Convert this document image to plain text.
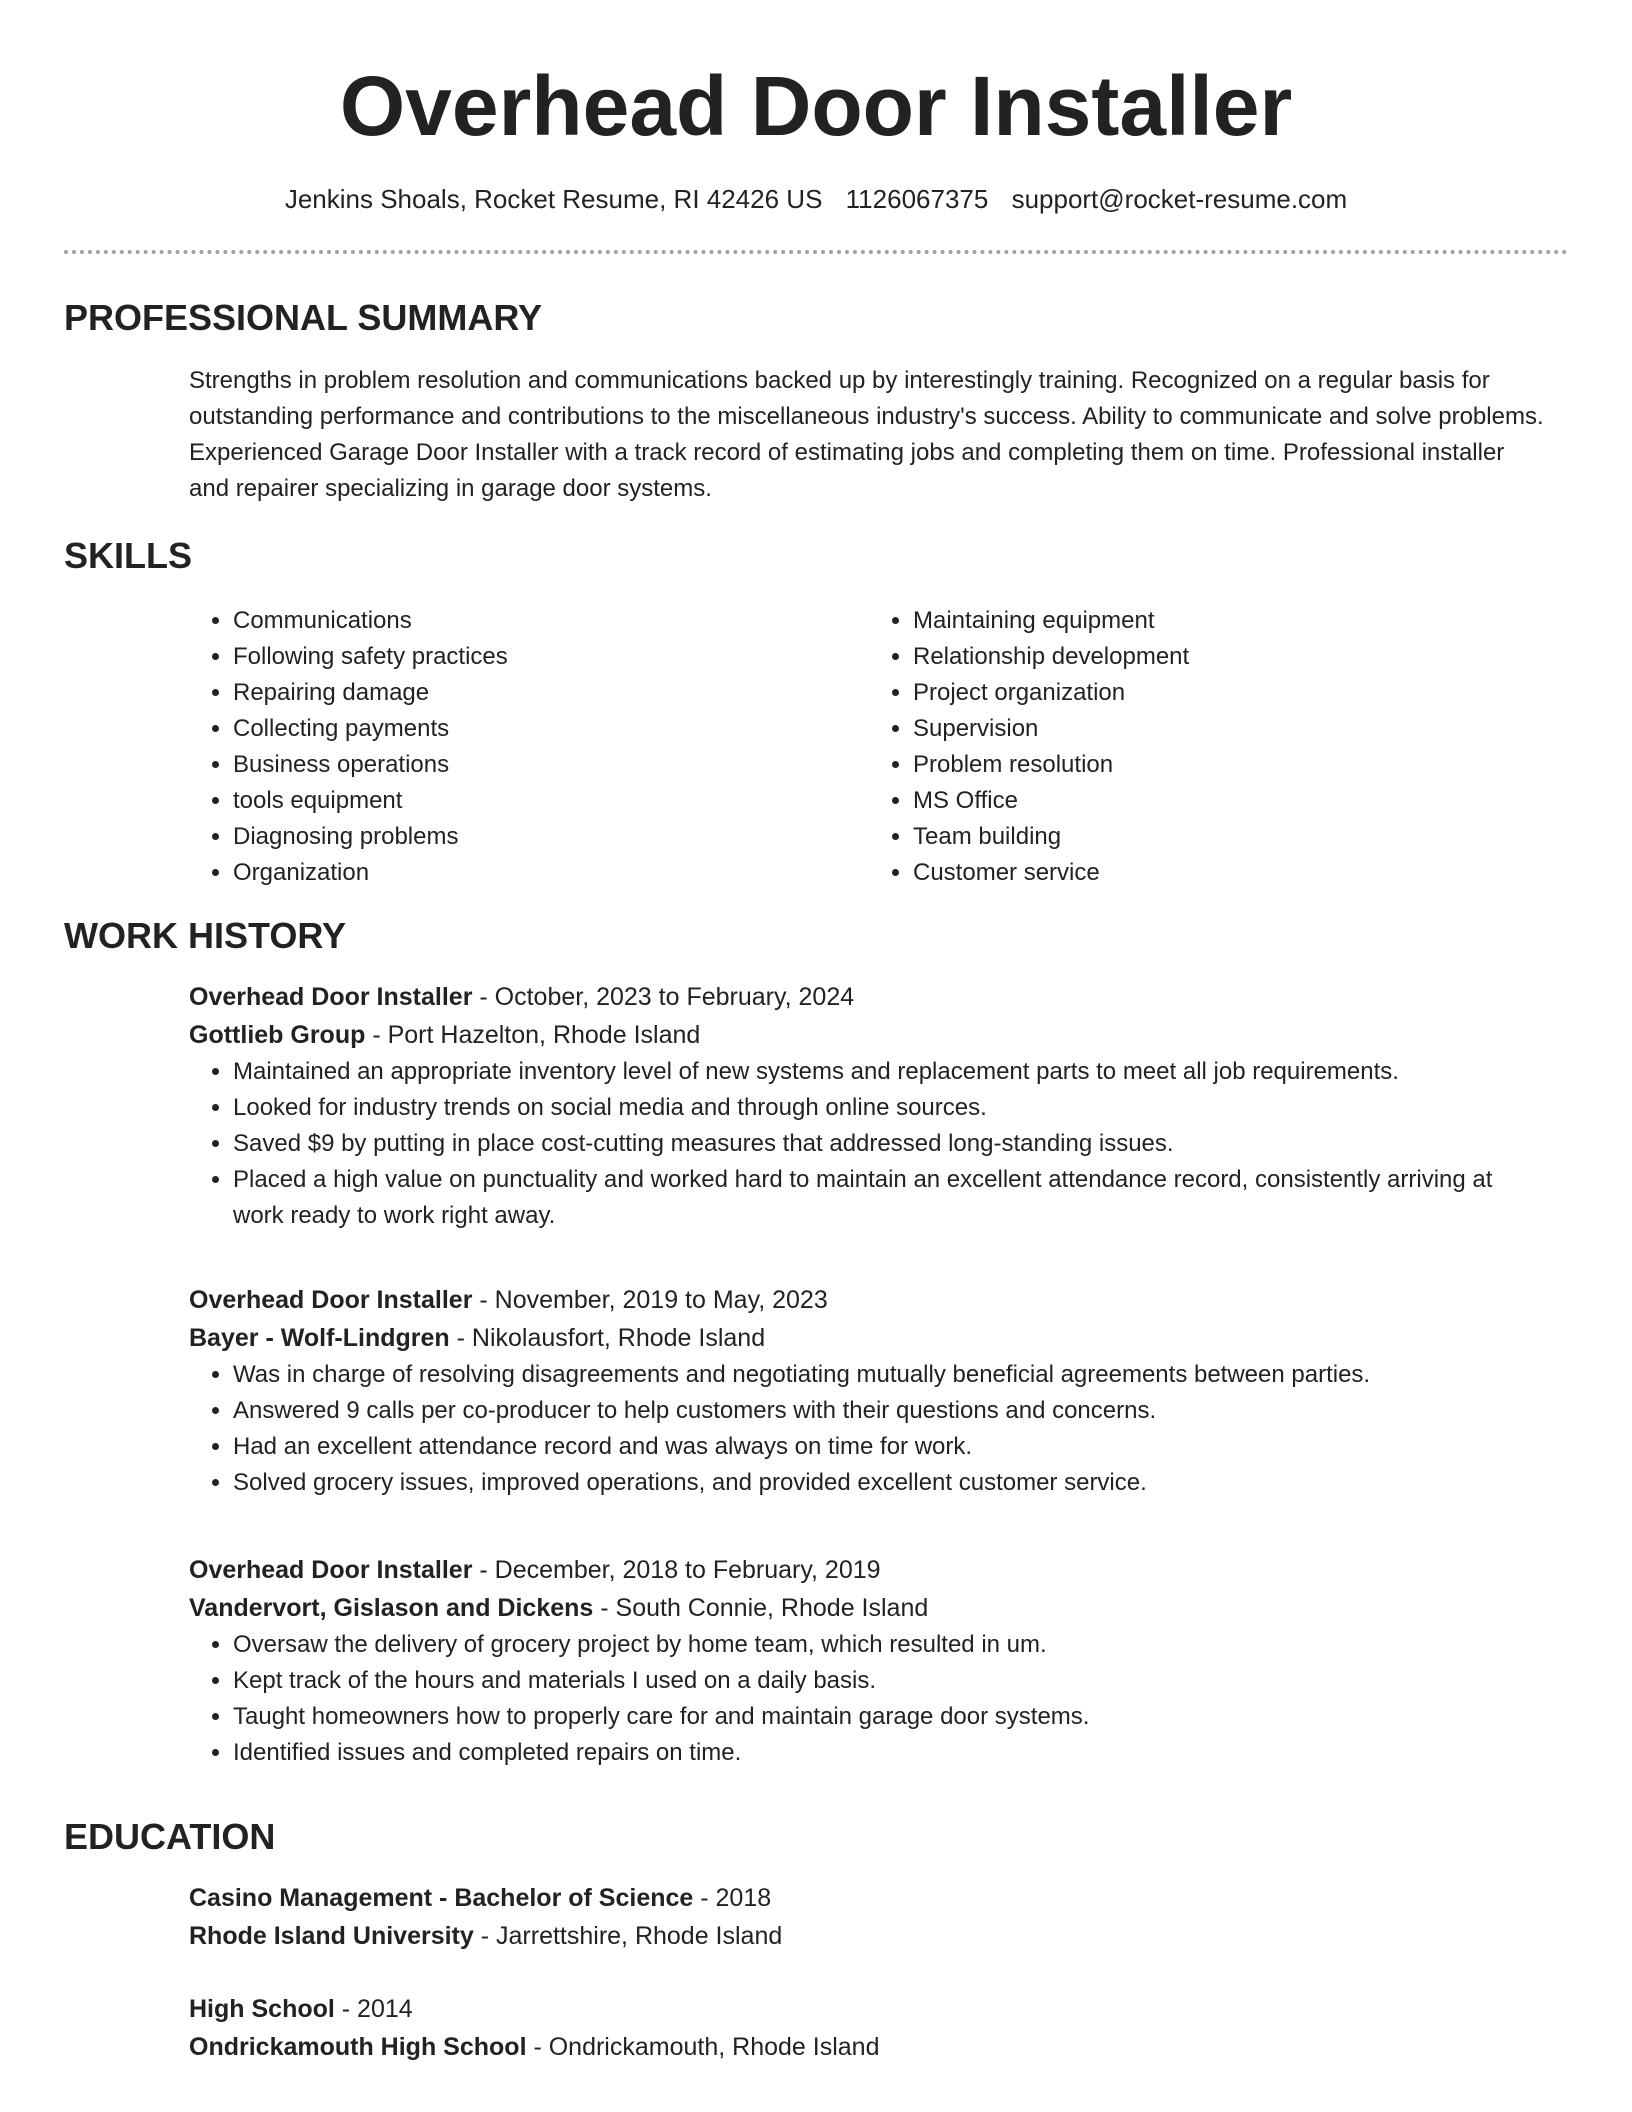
Overhead Door Installer
Jenkins Shoals, Rocket Resume, RI 42426 US 1126067375 support@rocket-resume.com
PROFESSIONAL SUMMARY

Strengths in problem resolution and communications backed up by interestingly training. Recognized on a regular basis for outstanding performance and contributions to the miscellaneous industry's success. Ability to communicate and solve problems. Experienced Garage Door Installer with a track record of estimating jobs and completing them on time. Professional installer and repairer specializing in garage door systems.

SKILLS
• Communications
• Following safety practices
• Repairing damage
• Collecting payments
• Business operations
• tools equipment
• Diagnosing problems
• Organization
• Maintaining equipment
• Relationship development
• Project organization
• Supervision
• Problem resolution
• MS Office
• Team building
• Customer service
WORK HISTORY

Overhead Door Installer - October, 2023 to February, 2024

Gottlieb Group - Port Hazelton, Rhode Island

• Maintained an appropriate inventory level of new systems and replacement parts to meet all job requirements.
• Looked for industry trends on social media and through online sources.
• Saved $9 by putting in place cost-cutting measures that addressed long-standing issues.
• Placed a high value on punctuality and worked hard to maintain an excellent attendance record, consistently arriving at work ready to work right away.

Overhead Door Installer - November, 2019 to May, 2023

Bayer - Wolf-Lindgren - Nikolausfort, Rhode Island

• Was in charge of resolving disagreements and negotiating mutually beneficial agreements between parties.
• Answered 9 calls per co-producer to help customers with their questions and concerns.
• Had an excellent attendance record and was always on time for work.
• Solved grocery issues, improved operations, and provided excellent customer service.

Overhead Door Installer - December, 2018 to February, 2019

Vandervort, Gislason and Dickens - South Connie, Rhode Island

• Oversaw the delivery of grocery project by home team, which resulted in um.
• Kept track of the hours and materials I used on a daily basis.
• Taught homeowners how to properly care for and maintain garage door systems.
• Identified issues and completed repairs on time.
EDUCATION

Casino Management - Bachelor of Science - 2018

Rhode Island University - Jarrettshire, Rhode Island

High School - 2014

Ondrickamouth High School - Ondrickamouth, Rhode Island
